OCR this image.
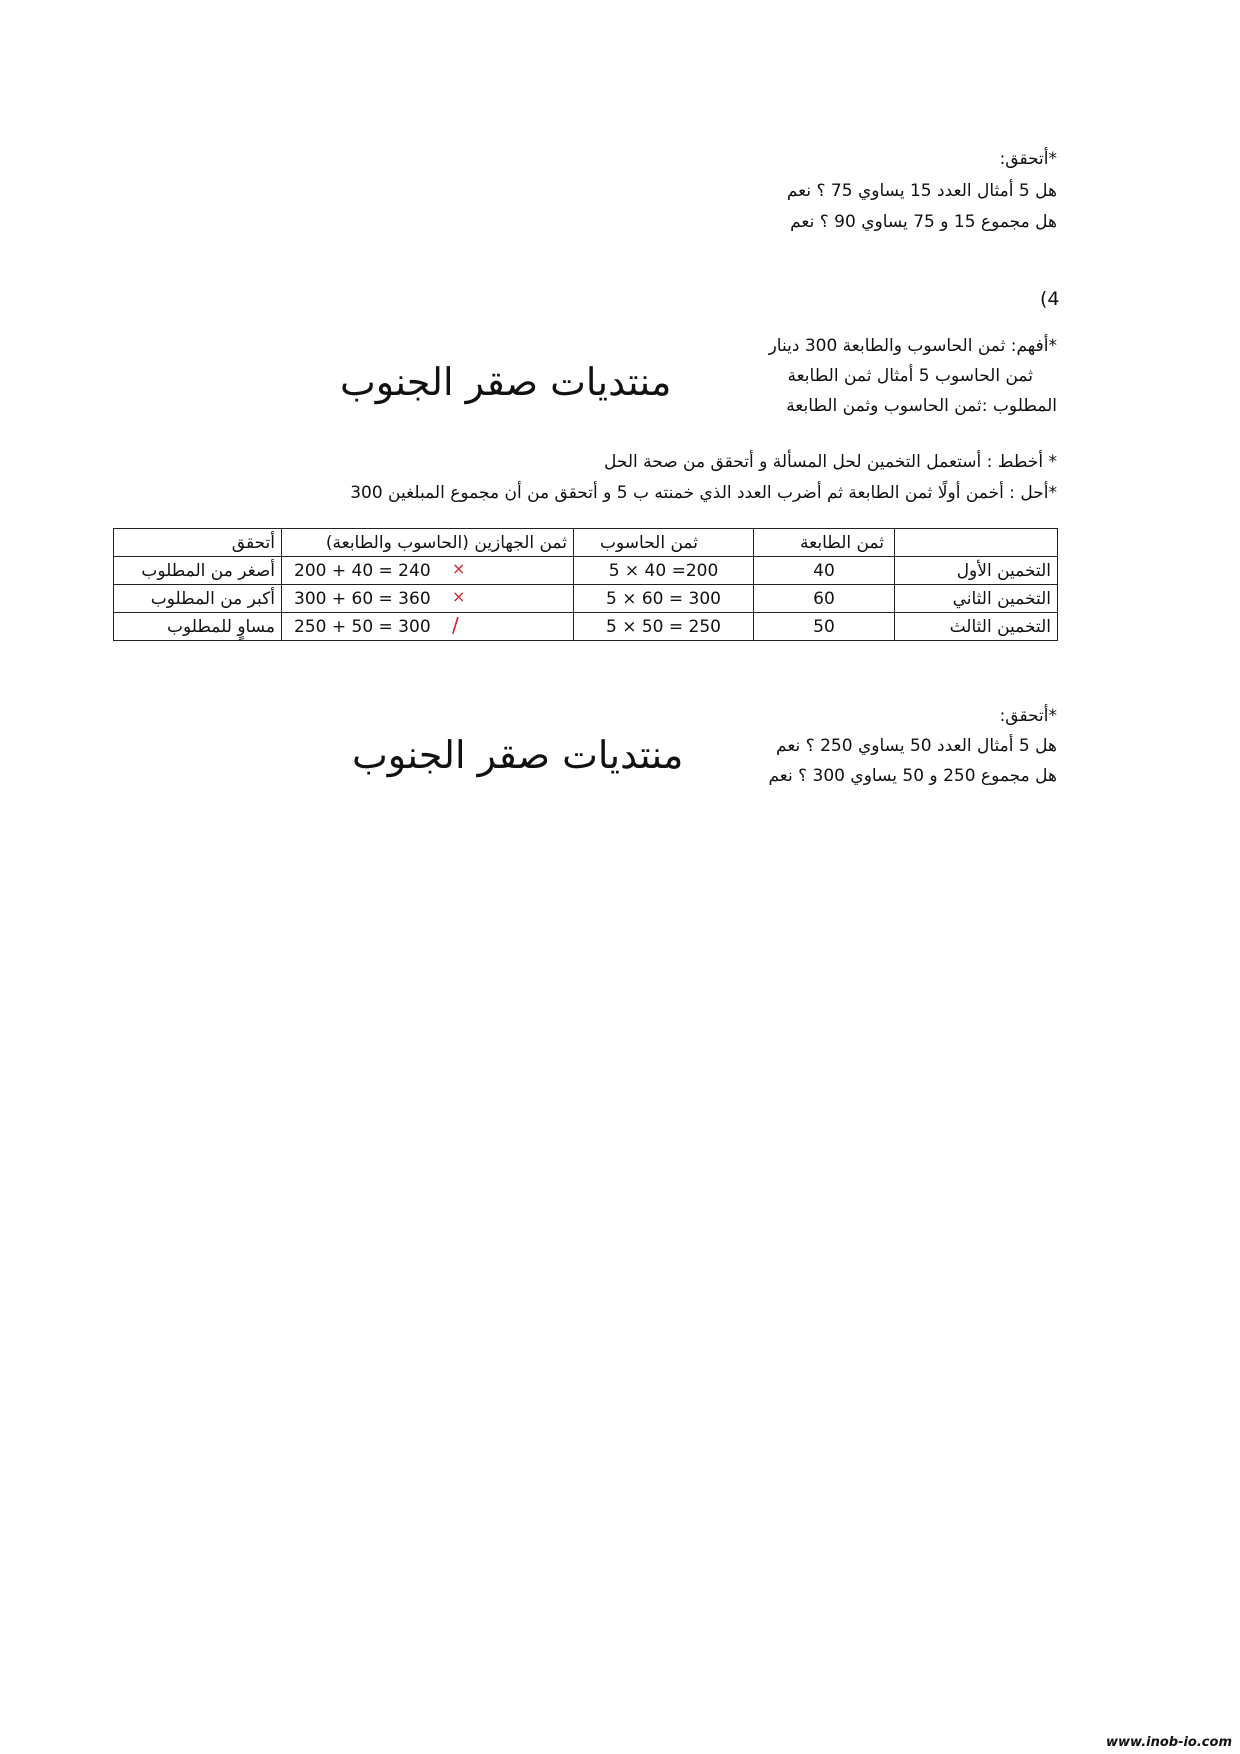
*أتحقق:
هل 5 أمثال العدد 15 يساوي 75 ؟ نعم
هل مجموع 15 و 75 يساوي 90 ؟ نعم
(4
*أفهم: ثمن الحاسوب والطابعة 300 دينار
ثمن الحاسوب 5 أمثال ثمن الطابعة
المطلوب :ثمن الحاسوب وثمن الطابعة
منتديات صقر الجنوب
* أخطط : أستعمل التخمين لحل المسألة و أتحقق من صحة الحل
*أحل : أخمن أولًا ثمن الطابعة ثم أضرب العدد الذي خمنته ب 5 و أتحقق من أن مجموع المبلغين 300
أتحقق	ثمن الجهازين (الحاسوب والطابعة)	ثمن الحاسوب	ثمن الطابعة	
أصغر من المطلوب	200 + 40 = 240 ×	5 × 40 =200	40	التخمين الأول
أكبر من المطلوب	300 + 60 = 360 ×	5 × 60 = 300	60	التخمين الثاني
مساوٍ للمطلوب	250 + 50 = 300 /	5 × 50 = 250	50	التخمين الثالث
*أتحقق:
هل 5 أمثال العدد 50 يساوي 250 ؟ نعم
هل مجموع 250 و 50 يساوي 300 ؟ نعم
منتديات صقر الجنوب
www.inob-io.com
